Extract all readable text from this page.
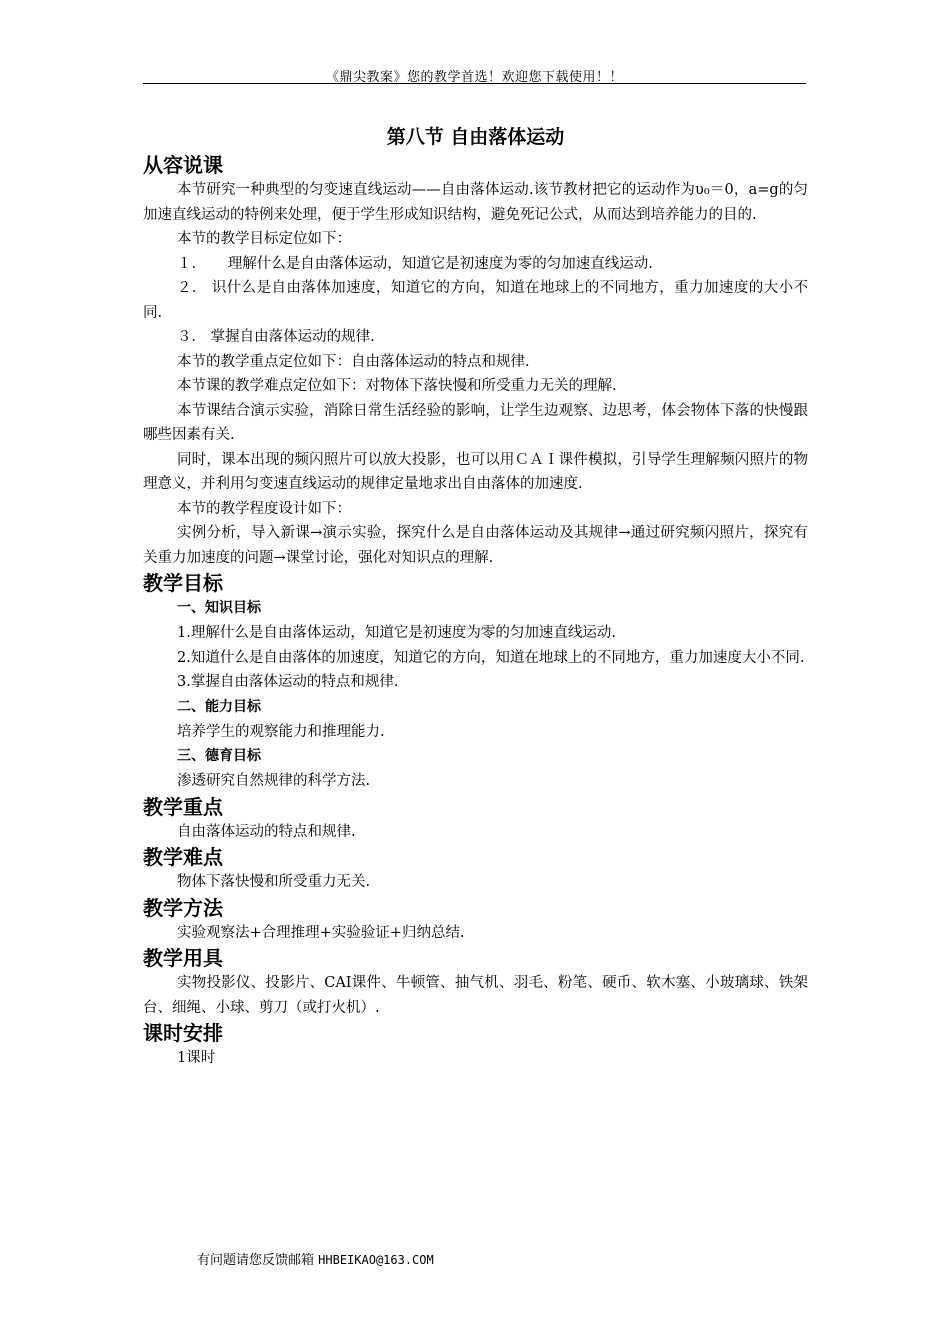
《鼎尖教案》您的教学首选！欢迎您下载使用！！
第八节 自由落体运动
从容说课

本节研究一种典型的匀变速直线运动——自由落体运动.该节教材把它的运动作为υ₀＝0，a=g的匀加速直线运动的特例来处理，便于学生形成知识结构，避免死记公式，从而达到培养能力的目的.

本节的教学目标定位如下：

１．　　理解什么是自由落体运动，知道它是初速度为零的匀加速直线运动.

２． 识什么是自由落体加速度，知道它的方向，知道在地球上的不同地方，重力加速度的大小不同.

３． 掌握自由落体运动的规律.

本节的教学重点定位如下：自由落体运动的特点和规律.

本节课的教学难点定位如下：对物体下落快慢和所受重力无关的理解.

本节课结合演示实验，消除日常生活经验的影响，让学生边观察、边思考，体会物体下落的快慢跟哪些因素有关.

同时，课本出现的频闪照片可以放大投影，也可以用ＣＡＩ课件模拟，引导学生理解频闪照片的物理意义，并利用匀变速直线运动的规律定量地求出自由落体的加速度.

本节的教学程度设计如下：

实例分析，导入新课→演示实验，探究什么是自由落体运动及其规律→通过研究频闪照片，探究有关重力加速度的问题→课堂讨论，强化对知识点的理解.

教学目标
一、知识目标

1.理解什么是自由落体运动，知道它是初速度为零的匀加速直线运动.

2.知道什么是自由落体的加速度，知道它的方向，知道在地球上的不同地方，重力加速度大小不同.

3.掌握自由落体运动的特点和规律.

二、能力目标

培养学生的观察能力和推理能力.

三、德育目标

渗透研究自然规律的科学方法.

教学重点

自由落体运动的特点和规律.

教学难点

物体下落快慢和所受重力无关.

教学方法

实验观察法+合理推理+实验验证+归纳总结.

教学用具

实物投影仪、投影片、CAI课件、牛顿管、抽气机、羽毛、粉笔、硬币、软木塞、小玻璃球、铁架台、细绳、小球、剪刀（或打火机）.

课时安排

1课时

有问题请您反馈邮箱 HHBEIKAO@163.COM
